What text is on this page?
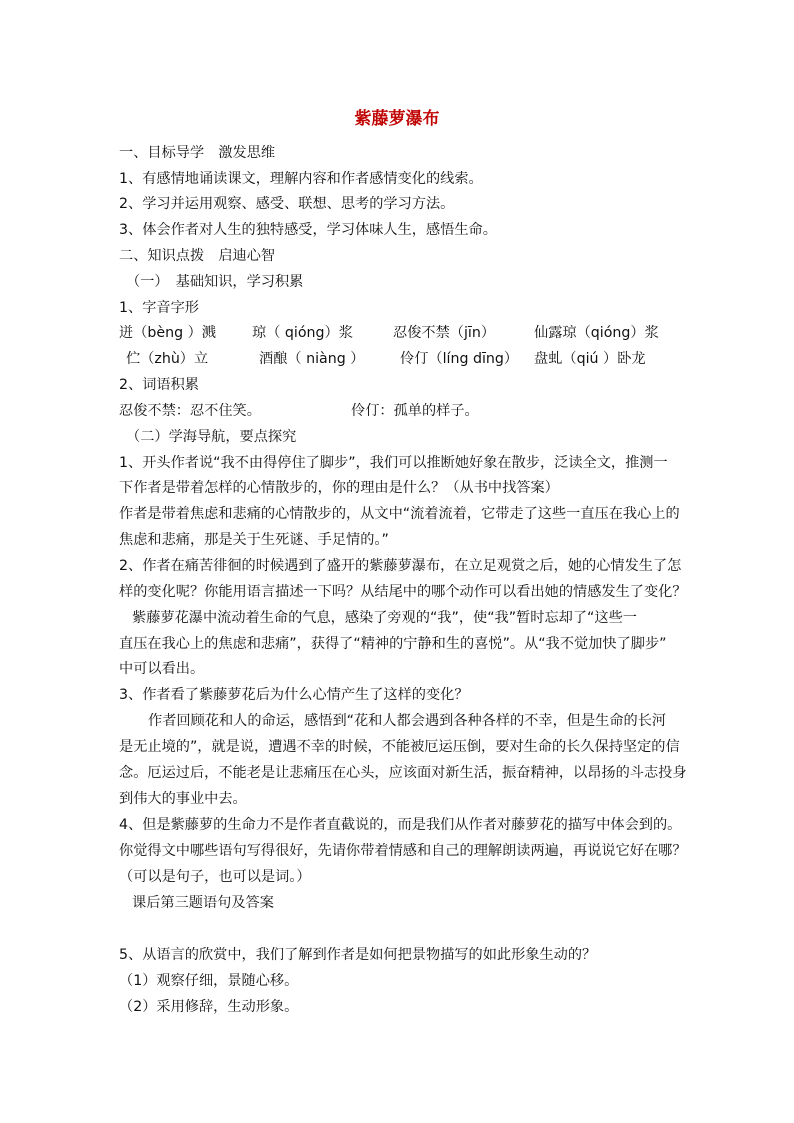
紫藤萝瀑布
一、目标导学　激发思维
1、有感情地诵读课文，理解内容和作者感情变化的线索。
2、学习并运用观察、感受、联想、思考的学习方法。
3、体会作者对人生的独特感受，学习体味人生，感悟生命。
二、知识点拨　启迪心智
（一）　基础知识，学习积累
1、字音字形
迸（bèng ）溅	琼（ qióng）浆	忍俊不禁（jīn）	仙露琼（qióng）浆
伫（zhù）立	酒酿（ niàng ）	伶仃（líng dīng） 盘虬（qiú ）卧龙
2、词语积累
忍俊不禁：忍不住笑。	伶仃：孤单的样子。
（二）学海导航，要点探究
1、开头作者说“我不由得停住了脚步”，我们可以推断她好象在散步，泛读全文，推测一
下作者是带着怎样的心情散步的，你的理由是什么？（从书中找答案）
作者是带着焦虑和悲痛的心情散步的，从文中“流着流着，它带走了这些一直压在我心上的
焦虑和悲痛，那是关于生死谜、手足情的。”
2、作者在痛苦徘徊的时候遇到了盛开的紫藤萝瀑布，在立足观赏之后，她的心情发生了怎
样的变化呢？你能用语言描述一下吗？从结尾中的哪个动作可以看出她的情感发生了变化？
紫藤萝花瀑中流动着生命的气息，感染了旁观的“我”，使“我”暂时忘却了“这些一
直压在我心上的焦虑和悲痛”，获得了“精神的宁静和生的喜悦”。从“我不觉加快了脚步”
中可以看出。
3、作者看了紫藤萝花后为什么心情产生了这样的变化？
作者回顾花和人的命运，感悟到“花和人都会遇到各种各样的不幸，但是生命的长河
是无止境的”，就是说，遭遇不幸的时候，不能被厄运压倒，要对生命的长久保持坚定的信
念。厄运过后，不能老是让悲痛压在心头，应该面对新生活，振奋精神，以昂扬的斗志投身
到伟大的事业中去。
4、但是紫藤萝的生命力不是作者直截说的，而是我们从作者对藤萝花的描写中体会到的。
你觉得文中哪些语句写得很好，先请你带着情感和自己的理解朗读两遍，再说说它好在哪？
（可以是句子，也可以是词。）
课后第三题语句及答案
5、从语言的欣赏中，我们了解到作者是如何把景物描写的如此形象生动的？
（1）观察仔细，景随心移。
（2）采用修辞，生动形象。
